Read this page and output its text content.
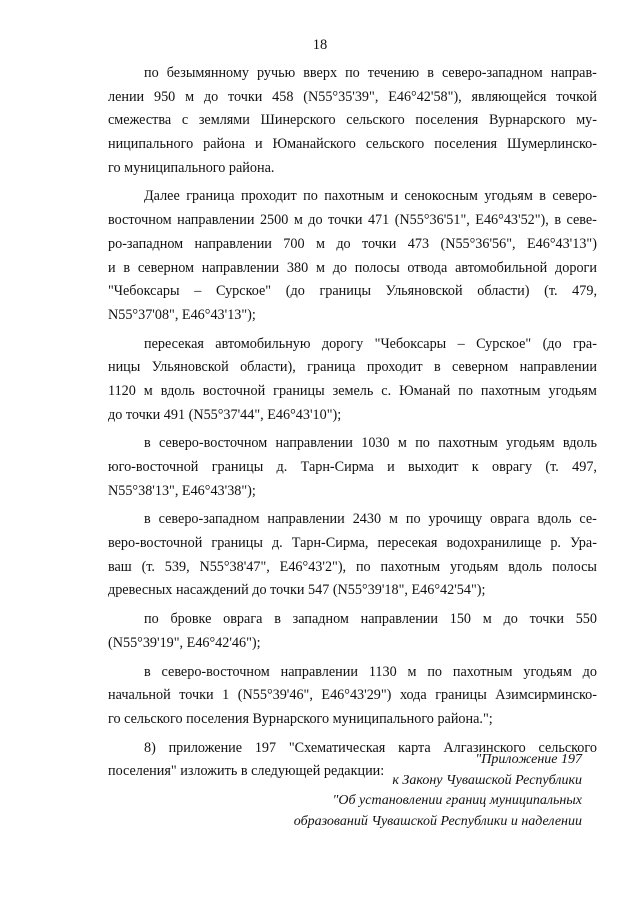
18
по безымянному ручью вверх по течению в северо-западном направ-
лении 950 м до точки 458 (N55°35'39", E46°42'58"), являющейся точкой
смежества с землями Шинерского сельского поселения Вурнарского му-
ниципального района и Юманайского сельского поселения Шумерлинско-
го муниципального района.
Далее граница проходит по пахотным и сенокосным угодьям в северо-
восточном направлении 2500 м до точки 471 (N55°36'51", E46°43'52"), в севе-
ро-западном направлении 700 м до точки 473 (N55°36'56", E46°43'13")
и в северном направлении 380 м до полосы отвода автомобильной дороги
"Чебоксары – Сурское" (до границы Ульяновской области) (т. 479,
N55°37'08", E46°43'13");
пересекая автомобильную дорогу "Чебоксары – Сурское" (до гра-
ницы Ульяновской области), граница проходит в северном направлении
1120 м вдоль восточной границы земель с. Юманай по пахотным угодьям
до точки 491 (N55°37'44", E46°43'10");
в северо-восточном направлении 1030 м по пахотным угодьям вдоль
юго-восточной границы д. Тарн-Сирма и выходит к оврагу (т. 497,
N55°38'13", E46°43'38");
в северо-западном направлении 2430 м по урочищу оврага вдоль се-
веро-восточной границы д. Тарн-Сирма, пересекая водохранилище р. Ура-
ваш (т. 539, N55°38'47", E46°43'2"), по пахотным угодьям вдоль полосы
древесных насаждений до точки 547 (N55°39'18", E46°42'54");
по бровке оврага в западном направлении 150 м до точки 550
(N55°39'19", E46°42'46");
в северо-восточном направлении 1130 м по пахотным угодьям до
начальной точки 1 (N55°39'46", E46°43'29") хода границы Азимсирминско-
го сельского поселения Вурнарского муниципального района.";
8) приложение 197 "Схематическая карта Алгазинского сельского
поселения" изложить в следующей редакции:
"Приложение 197
к Закону Чувашской Республики
"Об установлении границ муниципальных
образований Чувашской Республики и наделении
